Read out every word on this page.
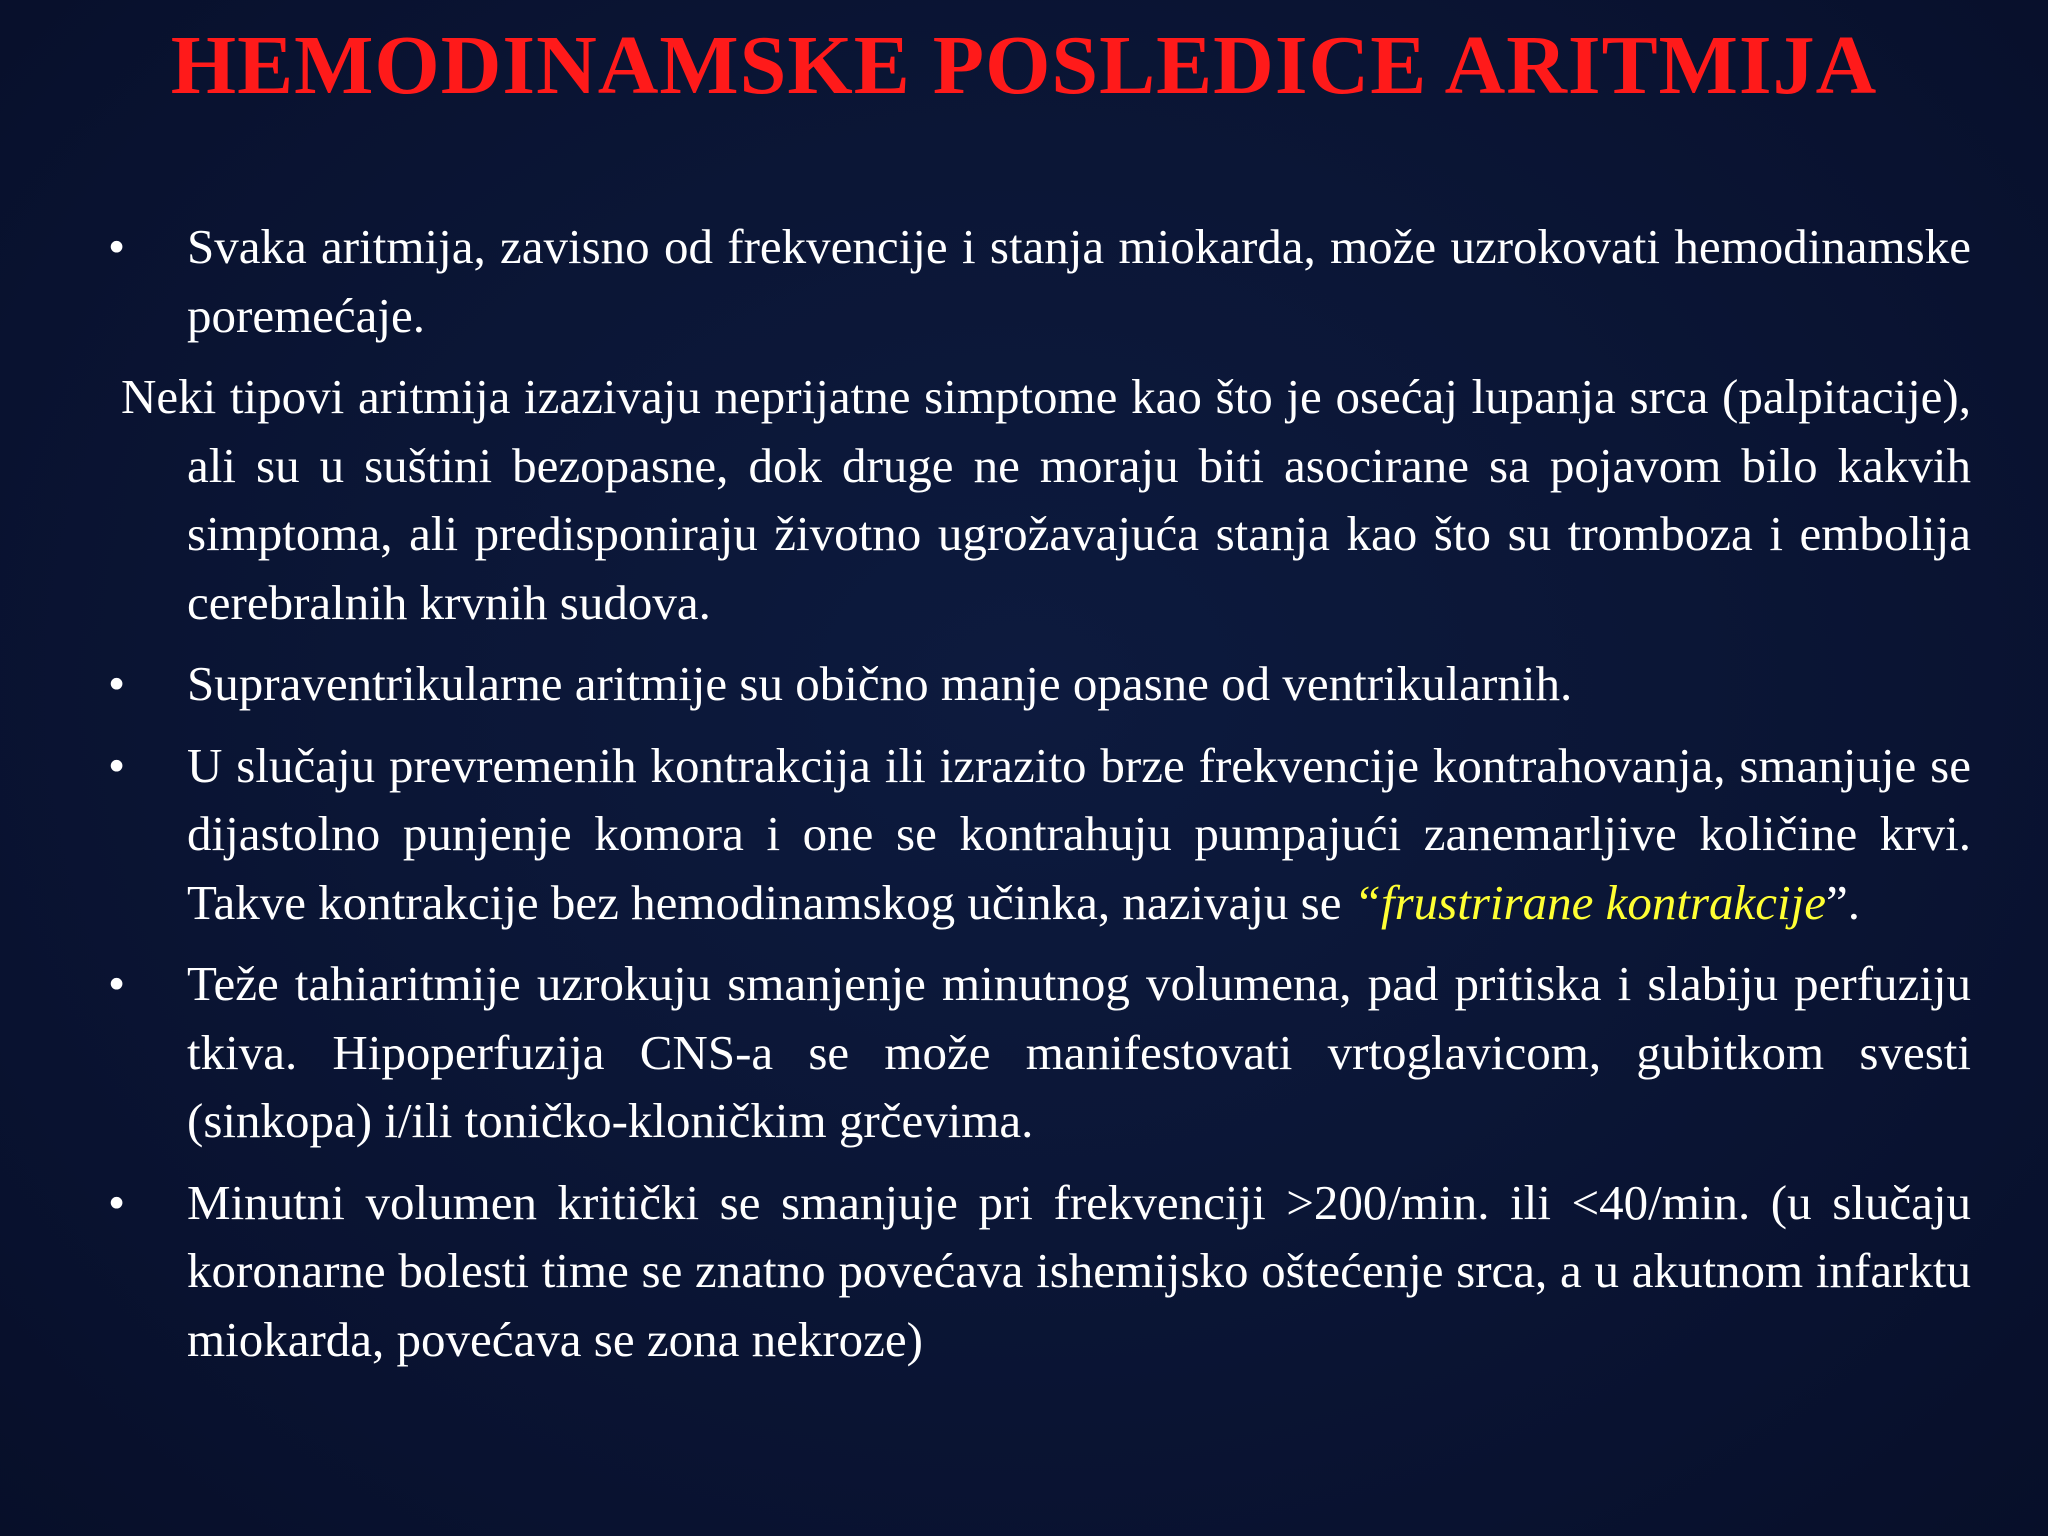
HEMODINAMSKE POSLEDICE ARITMIJA
•	Svaka aritmija, zavisno od frekvencije i stanja miokarda, može uzrokovati hemodinamske poremećaje.
Neki tipovi aritmija izazivaju neprijatne simptome kao što je osećaj lupanja srca (palpitacije), ali su u suštini bezopasne, dok druge ne moraju biti asocirane sa pojavom bilo kakvih simptoma, ali predisponiraju životno ugrožavajuća stanja kao što su tromboza i embolija cerebralnih krvnih sudova.
•	Supraventrikularne aritmije su obično manje opasne od ventrikularnih.
•	U slučaju prevremenih kontrakcija ili izrazito brze frekvencije kontrahovanja, smanjuje se dijastolno punjenje komora i one se kontrahuju pumpajući zanemarljive količine krvi. Takve kontrakcije bez hemodinamskog učinka, nazivaju se “frustrirane kontrakcije”.
•	Teže tahiaritmije uzrokuju smanjenje minutnog volumena, pad pritiska i slabiju perfuziju tkiva. Hipoperfuzija CNS-a se može manifestovati vrtoglavicom, gubitkom svesti (sinkopa) i/ili toničko-kloničkim grčevima.
•	Minutni volumen kritički se smanjuje pri frekvenciji >200/min. ili <40/min. (u slučaju koronarne bolesti time se znatno povećava ishemijsko oštećenje srca, a u akutnom infarktu miokarda, povećava se zona nekroze)
